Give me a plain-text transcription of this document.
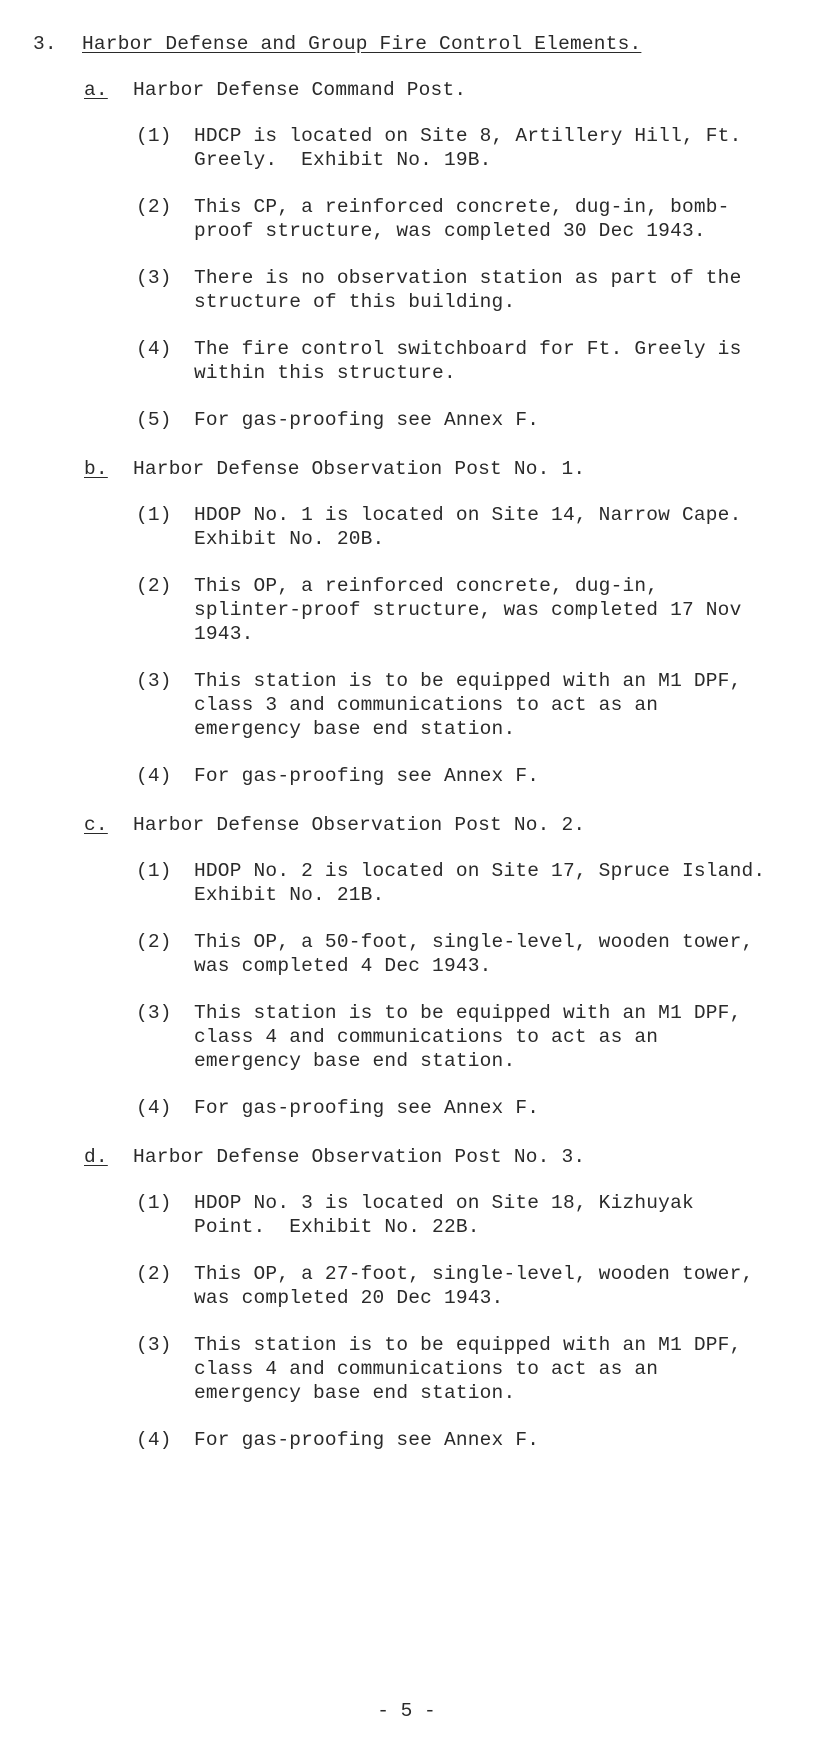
3. Harbor Defense and Group Fire Control Elements.
a. Harbor Defense Command Post.
(1) HDCP is located on Site 8, Artillery Hill, Ft.
Greely.  Exhibit No. 19B.
(2) This CP, a reinforced concrete, dug-in, bomb-
proof structure, was completed 30 Dec 1943.
(3) There is no observation station as part of the
structure of this building.
(4) The fire control switchboard for Ft. Greely is
within this structure.
(5) For gas-proofing see Annex F.
b. Harbor Defense Observation Post No. 1.
(1) HDOP No. 1 is located on Site 14, Narrow Cape.
Exhibit No. 20B.
(2) This OP, a reinforced concrete, dug-in,
splinter-proof structure, was completed 17 Nov
1943.
(3) This station is to be equipped with an M1 DPF,
class 3 and communications to act as an
emergency base end station.
(4) For gas-proofing see Annex F.
c. Harbor Defense Observation Post No. 2.
(1) HDOP No. 2 is located on Site 17, Spruce Island.
Exhibit No. 21B.
(2) This OP, a 50-foot, single-level, wooden tower,
was completed 4 Dec 1943.
(3) This station is to be equipped with an M1 DPF,
class 4 and communications to act as an
emergency base end station.
(4) For gas-proofing see Annex F.
d. Harbor Defense Observation Post No. 3.
(1) HDOP No. 3 is located on Site 18, Kizhuyak
Point.  Exhibit No. 22B.
(2) This OP, a 27-foot, single-level, wooden tower,
was completed 20 Dec 1943.
(3) This station is to be equipped with an M1 DPF,
class 4 and communications to act as an
emergency base end station.
(4) For gas-proofing see Annex F.
- 5 -
